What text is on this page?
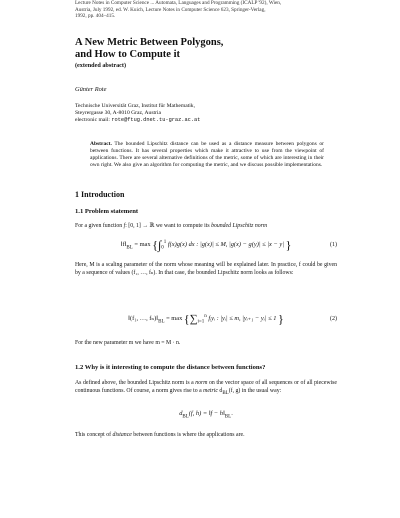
Lecture Notes in Computer Science ... Automata, Languages and Programming (ICALP '92), Wien,
Austria, July 1992, ed. W. Kuich, Lecture Notes in Computer Science 623, Springer-Verlag,
1992, pp. 404–415.
A New Metric Between Polygons,
and How to Compute it
(extended abstract)
Günter Rote
Technische Universität Graz, Institut für Mathematik,
Steyrergasse 30, A-8010 Graz, Austria
electronic mail: rote@ftug.dnet.tu-graz.ac.at
Abstract. The bounded Lipschitz distance can be used as a distance measure between polygons or between functions. It has several properties which make it attractive to use from the viewpoint of applications. There are several alternative definitions of the metric, some of which are interesting in their own right. We also give an algorithm for computing the metric, and we discuss possible implementations.
1 Introduction
1.1 Problem statement
For a given function f: [0, 1] → ℝ we want to compute its bounded Lipschitz norm
$‖f‖_{BL} = \max \{\int_0^1$ f(x)g(x) dx : |g(x)| ≤ M, |g(x) − g(y)| ≤ |x − y| }	(1)
Here, M is a scaling parameter of the norm whose meaning will be explained later. In practice, f could be given by a sequence of values (f₁, …, fₙ). In that case, the bounded Lipschitz norm looks as follows:
‖(f₁, …, $f_n)‖_{BL} = \max \{\sum_{i=1}^n$ fᵢyᵢ : |yᵢ| ≤ m, |yᵢ₊₁ − yᵢ| ≤ 1 }	(2)
For the new parameter m we have m = M · n.
1.2 Why is it interesting to compute the distance between functions?
As defined above, the bounded Lipschitz norm is a norm on the vector space of all sequences or of all piecewise continuous functions. Of course, a norm gives rise to a metric $d_{BL}(f$, g) in the usual way:
$d_{BL}(f$, h) = ‖f − $h‖_{BL}$.
This concept of distance between functions is where the applications are.
